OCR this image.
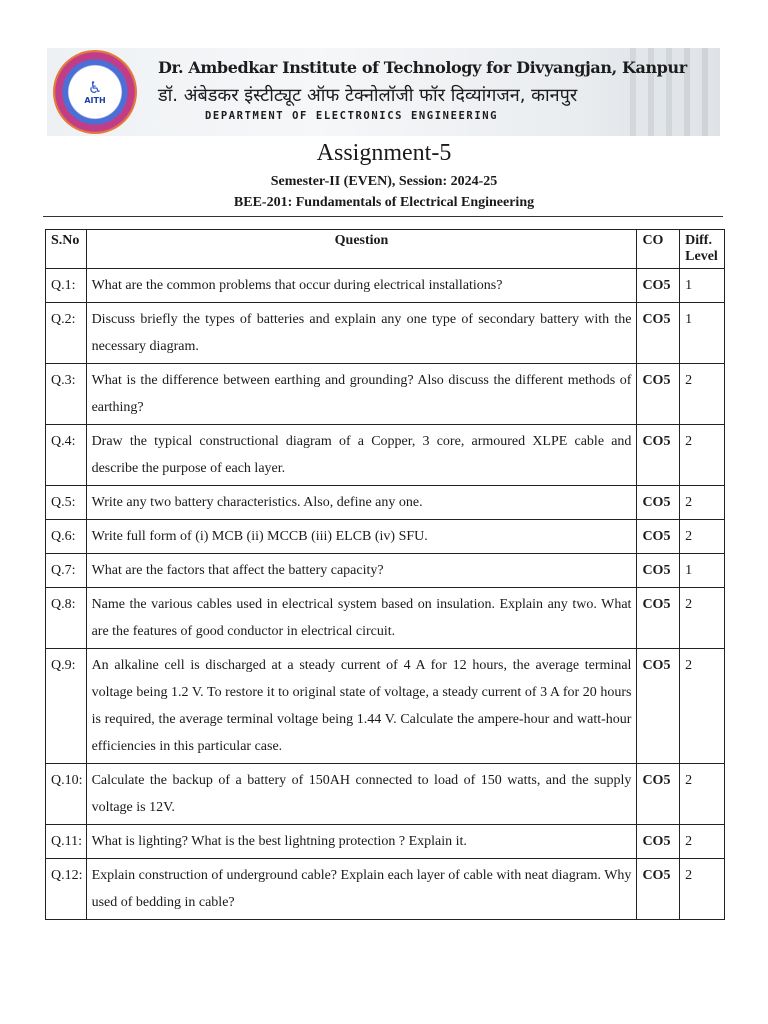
♿
AITH
Dr. Ambedkar Institute of Technology for Divyangjan, Kanpur
डॉ. अंबेडकर इंस्टीट्यूट ऑफ टेक्नोलॉजी फॉर दिव्यांगजन, कानपुर
DEPARTMENT OF ELECTRONICS ENGINEERING
Assignment-5
Semester-II (EVEN), Session: 2024-25
BEE-201: Fundamentals of Electrical Engineering
S.No	Question	CO	Diff. Level
Q.1:	What are the common problems that occur during electrical installations?	CO5	1
Q.2:	Discuss briefly the types of batteries and explain any one type of secondary battery with the necessary diagram.	CO5	1
Q.3:	What is the difference between earthing and grounding? Also discuss the different methods of earthing?	CO5	2
Q.4:	Draw the typical constructional diagram of a Copper, 3 core, armoured XLPE cable and describe the purpose of each layer.	CO5	2
Q.5:	Write any two battery characteristics. Also, define any one.	CO5	2
Q.6:	Write full form of (i) MCB (ii) MCCB (iii) ELCB (iv) SFU.	CO5	2
Q.7:	What are the factors that affect the battery capacity?	CO5	1
Q.8:	Name the various cables used in electrical system based on insulation. Explain any two. What are the features of good conductor in electrical circuit.	CO5	2
Q.9:	An alkaline cell is discharged at a steady current of 4 A for 12 hours, the average terminal voltage being 1.2 V. To restore it to original state of voltage, a steady current of 3 A for 20 hours is required, the average terminal voltage being 1.44 V. Calculate the ampere-hour and watt-hour efficiencies in this particular case.	CO5	2
Q.10:	Calculate the backup of a battery of 150AH connected to load of 150 watts, and the supply voltage is 12V.	CO5	2
Q.11:	What is lighting? What is the best lightning protection ? Explain it.	CO5	2
Q.12:	Explain construction of underground cable? Explain each layer of cable with neat diagram. Why used of bedding in cable?	CO5	2
